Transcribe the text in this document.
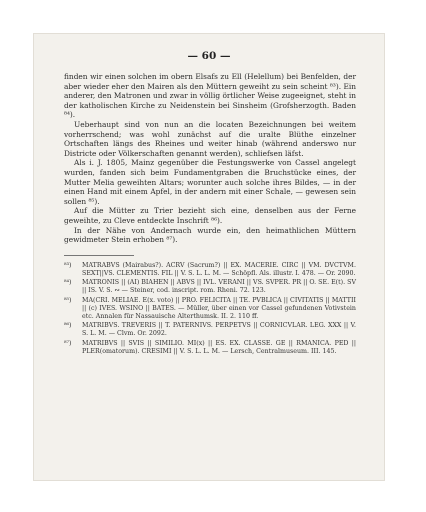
— 60 —

finden wir einen solchen im obern Elsafs zu Ell (Helellum) bei Benfelden, der aber wieder eher den Mairen als den Müttern geweiht zu sein scheint ⁸³). Ein anderer, den Matronen und zwar in völlig örtlicher Weise zugeeignet, steht in der katholischen Kirche zu Neidenstein bei Sinsheim (Grofsherzogth. Baden ⁸⁴).

Ueberhaupt sind von nun an die locaten Bezeichnungen bei weitem vorherrschend; was wohl zunächst auf die uralte Blüthe einzelner Ortschaften längs des Rheines und weiter hinab (während anderswo nur Districte oder Völkerschaften genannt werden), schliefsen läfst.

Als i. J. 1805, Mainz gegenüber die Festungswerke von Cassel angelegt wurden, fanden sich beim Fundamentgraben die Bruchstücke eines, der Mutter Melia geweihten Altars; worunter auch solche ihres Bildes, — in der einen Hand mit einem Apfel, in der andern mit einer Schale, — gewesen sein sollen ⁸⁵).

Auf die Mütter zu Trier bezieht sich eine, denselben aus der Ferne geweihte, zu Cleve entdeckte Inschrift ⁸⁶).

In der Nähe von Andernach wurde ein, den heimathlichen Müttern gewidmeter Stein erhoben ⁸⁷).

⁸³) MATRABVS (Mairabus?). ACRV (Sacrum?) || EX. MACERIE. CIRC || VM. DVCTVM. SEXT||VS. CLEMENTIS. FIL || V. S. L. L. M. — Schöpfl. Als. illustr. I. 478. — Or. 2090.
⁸⁴) MATRONIS || (AI) BIAHEN || ABVS || IVL. VERANI || VS. SVPER. PR || O. SE. E(t). SV || IS. V. S. ∾ — Steiner, cod. inscript. rom. Rheni. 72. 123.
⁸⁵) MA(CRI. MELIAE. E(x. voto) || PRO. FELICITA || TE. PVBLICA || CIVITATIS || MATTII || (c) IVES. WSINO || BATES. — Müller, über einen vor Cassel gefundenen Votivstein etc. Annalen für Nassauische Alterthumsk. II. 2. 110 ff.
⁸⁶) MATRIBVS. TREVERIS || T. PATERNIVS. PERPETVS || CORNICVLAR. LEG. XXX || V. S. L. M. — Clvm. Or. 2092.
⁸⁷) MATRIBVS || SVIS || SIMILIO. MI(x) || ES. EX. CLASSE. GE || RMANICA. PED || PLER(omatorum). CRESIMI || V. S. L. L. M. — Lersch, Centralmuseum. III. 145.
